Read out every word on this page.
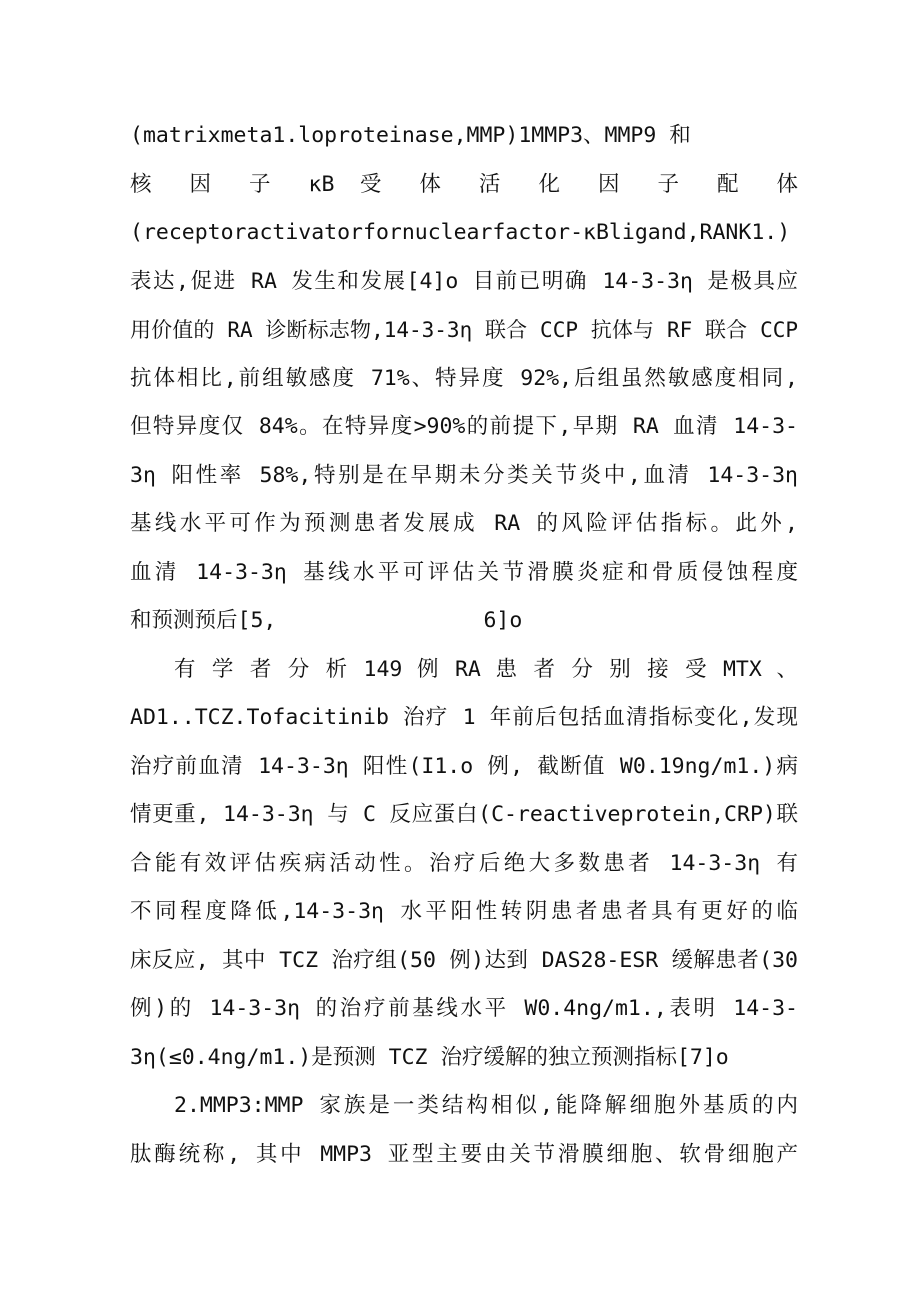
(matrixmeta1.loproteinase,MMP)1MMP3、MMP9 和
核 因 子 κB 受 体 活 化 因 子 配 体
(receptoractivatorfornuclearfactor-κBligand,RANK1.)
表达,促进 RA 发生和发展[4]o 目前已明确 14-3-3η 是极具应
用价值的 RA 诊断标志物,14-3-3η 联合 CCP 抗体与 RF 联合 CCP
抗体相比,前组敏感度 71%、特异度 92%,后组虽然敏感度相同,
但特异度仅 84%。在特异度>90%的前提下,早期 RA 血清 14-3-
3η 阳性率 58%,特别是在早期未分类关节炎中,血清 14-3-3η
基线水平可作为预测患者发展成 RA 的风险评估指标。此外,
血清 14-3-3η 基线水平可评估关节滑膜炎症和骨质侵蚀程度
和预测预后[5,                6]o
有 学 者 分 析 149 例 RA 患 者 分 别 接 受 MTX 、
AD1..TCZ.Tofacitinib 治疗 1 年前后包括血清指标变化,发现
治疗前血清 14-3-3η 阳性(I1.o 例, 截断值 W0.19ng/m1.)病
情更重, 14-3-3η 与 C 反应蛋白(C-reactiveprotein,CRP)联
合能有效评估疾病活动性。治疗后绝大多数患者 14-3-3η 有
不同程度降低,14-3-3η 水平阳性转阴患者患者具有更好的临
床反应, 其中 TCZ 治疗组(50 例)达到 DAS28-ESR 缓解患者(30
例)的 14-3-3η 的治疗前基线水平 W0.4ng/m1.,表明 14-3-
3η(≤0.4ng/m1.)是预测 TCZ 治疗缓解的独立预测指标[7]o
2.MMP3:MMP 家族是一类结构相似,能降解细胞外基质的内
肽酶统称, 其中 MMP3 亚型主要由关节滑膜细胞、软骨细胞产
